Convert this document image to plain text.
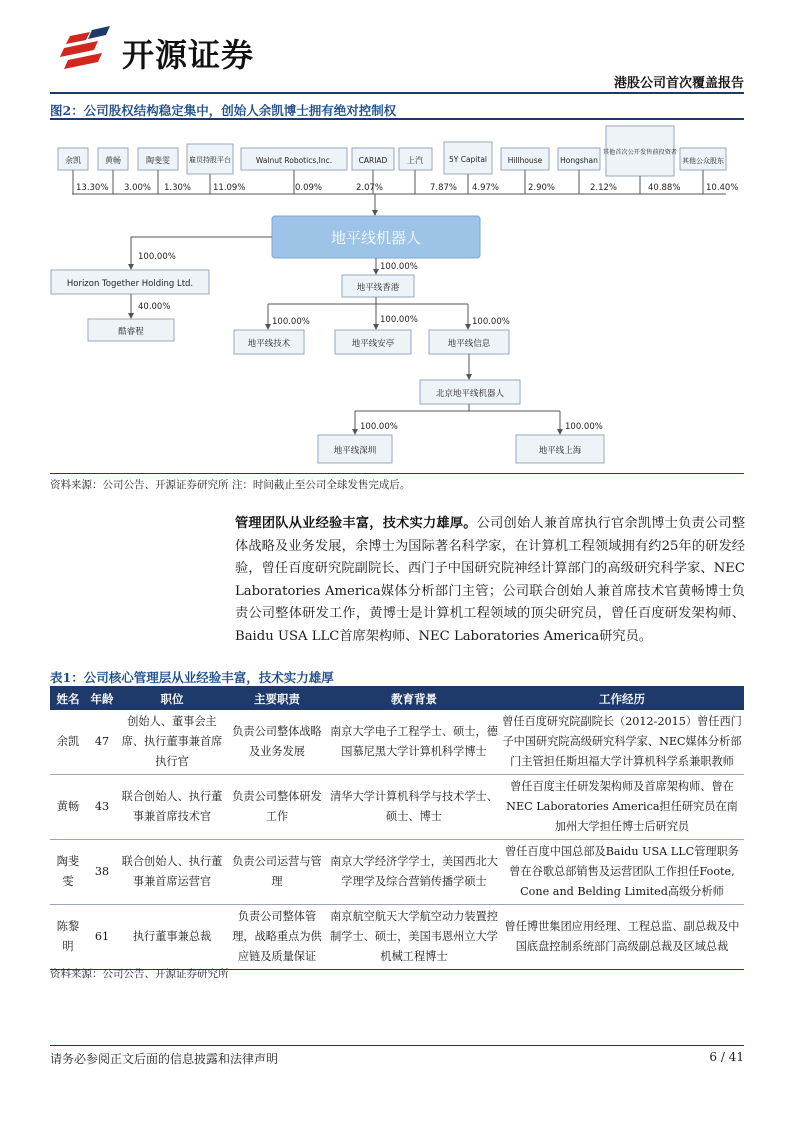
开源证券
港股公司首次覆盖报告
图2：公司股权结构稳定集中，创始人余凯博士拥有绝对控制权
余凯	黄畅	陶斐雯	雇员持股平台	Walnut Robotics,Inc.	CARIAD 上汽	5Y Capital	Hillhouse Hongshan
其他首次公开发售前投资者
其他公众股东
13.30% 3.00% 1.30%	11.09%	0.09%	2.07%	7.87% 4.97%	2.90%	2.12%	40.88%	10.40%
地平线机器人
100.00%
Horizon Together Holding Ltd.
40.00%
酷睿程
100.00%
地平线香港
100.00%	100.00%	100.00%
地平线技术	地平线安亭	地平线信息
北京地平线机器人
100.00%	100.00%
地平线深圳	地平线上海
资料来源：公司公告、开源证券研究所 注：时间截止至公司全球发售完成后。
管理团队从业经验丰富，技术实力雄厚。公司创始人兼首席执行官余凯博士负责公司整体战略及业务发展，余博士为国际著名科学家，在计算机工程领域拥有约25年的研发经验，曾任百度研究院副院长、西门子中国研究院神经计算部门的高级研究科学家、NEC Laboratories America媒体分析部门主管；公司联合创始人兼首席技术官黄畅博士负责公司整体研发工作，黄博士是计算机工程领域的顶尖研究员，曾任百度研发架构师、Baidu USA LLC首席架构师、NEC Laboratories America研究员。
表1：公司核心管理层从业经验丰富，技术实力雄厚
姓名	年龄	职位	主要职责	教育背景	工作经历
余凯	47	创始人、董事会主席、执行董事兼首席执行官	负责公司整体战略及业务发展	南京大学电子工程学士、硕士，德国慕尼黑大学计算机科学博士	曾任百度研究院副院长（2012-2015）曾任西门子中国研究院高级研究科学家、NEC媒体分析部门主管担任斯坦福大学计算机科学系兼职教师
黄畅	43	联合创始人、执行董事兼首席技术官	负责公司整体研发工作	清华大学计算机科学与技术学士、硕士、博士	曾任百度主任研发架构师及首席架构师、曾在NEC Laboratories America担任研究员在南加州大学担任博士后研究员
陶斐雯	38	联合创始人、执行董事兼首席运营官	负责公司运营与管理	南京大学经济学学士，美国西北大学理学及综合营销传播学硕士	曾任百度中国总部及Baidu USA LLC管理职务曾在谷歌总部销售及运营团队工作担任Foote, Cone and Belding Limited高级分析师
陈黎明	61	执行董事兼总裁	负责公司整体管理，战略重点为供应链及质量保证	南京航空航天大学航空动力装置控制学士、硕士，美国韦恩州立大学机械工程博士	曾任博世集团应用经理、工程总监、副总裁及中国底盘控制系统部门高级副总裁及区域总裁
资料来源：公司公告、开源证券研究所
请务必参阅正文后面的信息披露和法律声明	6 / 41
